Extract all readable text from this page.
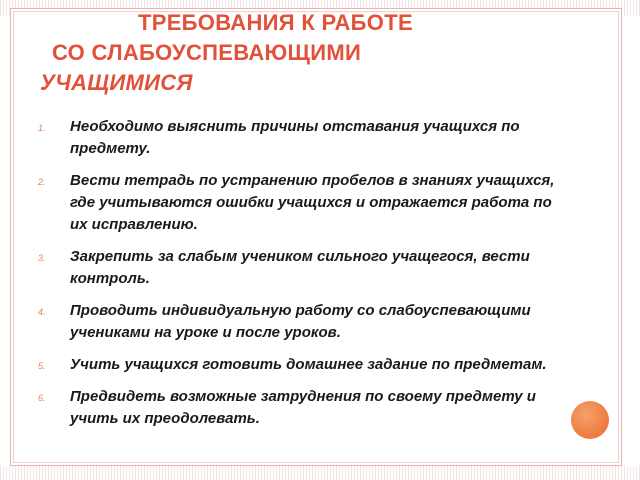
ТРЕБОВАНИЯ К РАБОТЕ
СО СЛАБОУСПЕВАЮЩИМИ
УЧАЩИМИСЯ
1. Необходимо выяснить причины отставания учащихся по предмету.
2. Вести тетрадь по устранению пробелов в знаниях учащихся, где учитываются ошибки учащихся и отражается работа по их исправлению.
3. Закрепить за слабым учеником сильного учащегося, вести контроль.
4. Проводить индивидуальную работу со слабоуспевающими учениками на уроке и после уроков.
5. Учить учащихся готовить домашнее задание по предметам.
6. Предвидеть возможные затруднения по своему предмету и учить их преодолевать.
